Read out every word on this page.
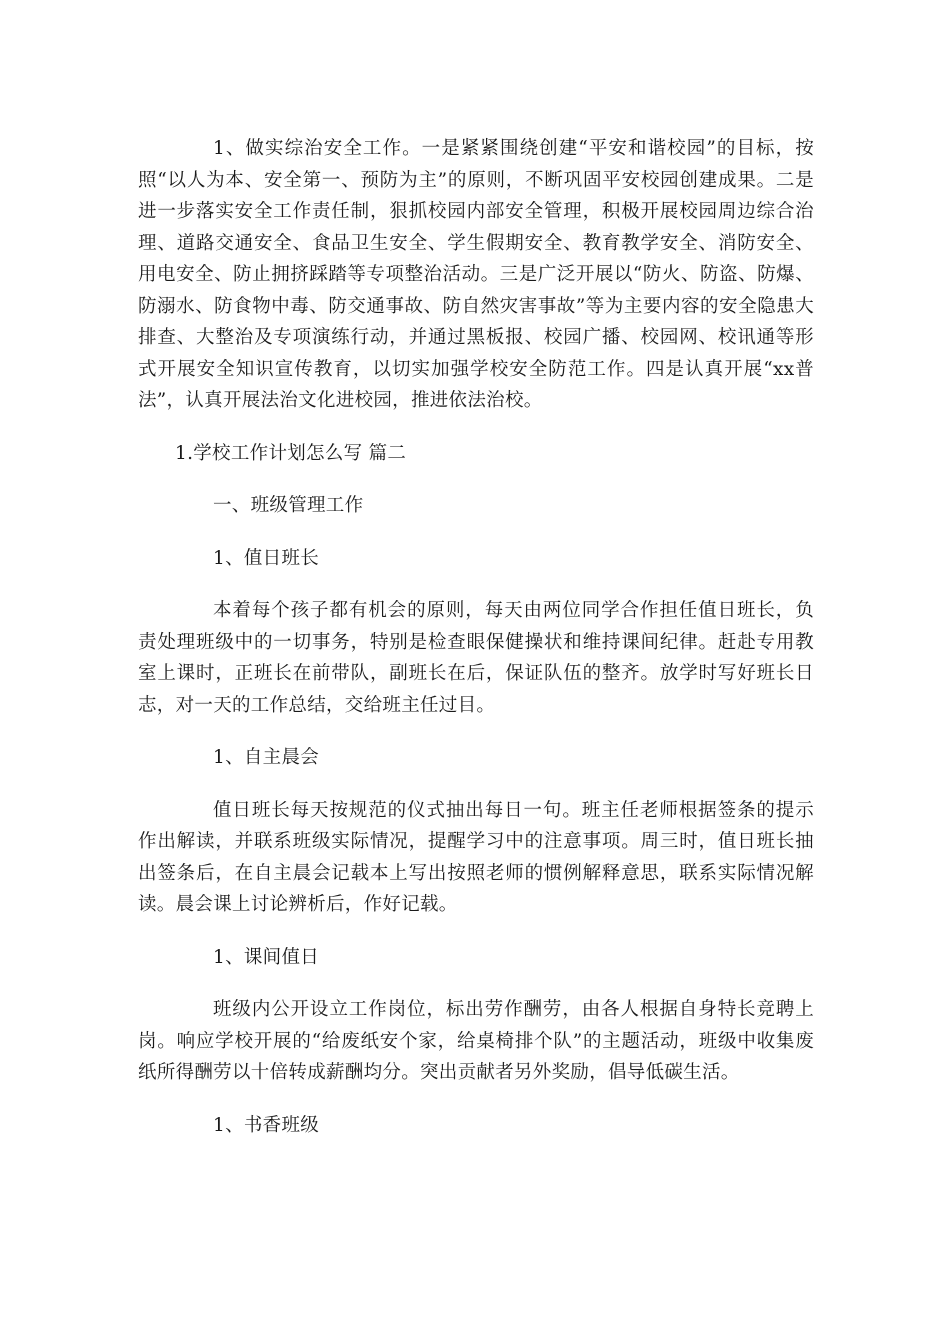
1、做实综治安全工作。一是紧紧围绕创建“平安和谐校园”的目标，按照“以人为本、安全第一、预防为主”的原则，不断巩固平安校园创建成果。二是进一步落实安全工作责任制，狠抓校园内部安全管理，积极开展校园周边综合治理、道路交通安全、食品卫生安全、学生假期安全、教育教学安全、消防安全、用电安全、防止拥挤踩踏等专项整治活动。三是广泛开展以“防火、防盗、防爆、防溺水、防食物中毒、防交通事故、防自然灾害事故”等为主要内容的安全隐患大排查、大整治及专项演练行动，并通过黑板报、校园广播、校园网、校讯通等形式开展安全知识宣传教育，以切实加强学校安全防范工作。四是认真开展“xx普法”，认真开展法治文化进校园，推进依法治校。

1.学校工作计划怎么写 篇二

一、班级管理工作

1、值日班长

本着每个孩子都有机会的原则，每天由两位同学合作担任值日班长，负责处理班级中的一切事务，特别是检查眼保健操状和维持课间纪律。赶赴专用教室上课时，正班长在前带队，副班长在后，保证队伍的整齐。放学时写好班长日志，对一天的工作总结，交给班主任过目。

1、自主晨会

值日班长每天按规范的仪式抽出每日一句。班主任老师根据签条的提示作出解读，并联系班级实际情况，提醒学习中的注意事项。周三时，值日班长抽出签条后，在自主晨会记载本上写出按照老师的惯例解释意思，联系实际情况解读。晨会课上讨论辨析后，作好记载。

1、课间值日

班级内公开设立工作岗位，标出劳作酬劳，由各人根据自身特长竞聘上岗。响应学校开展的“给废纸安个家，给桌椅排个队”的主题活动，班级中收集废纸所得酬劳以十倍转成薪酬均分。突出贡献者另外奖励，倡导低碳生活。

1、书香班级
